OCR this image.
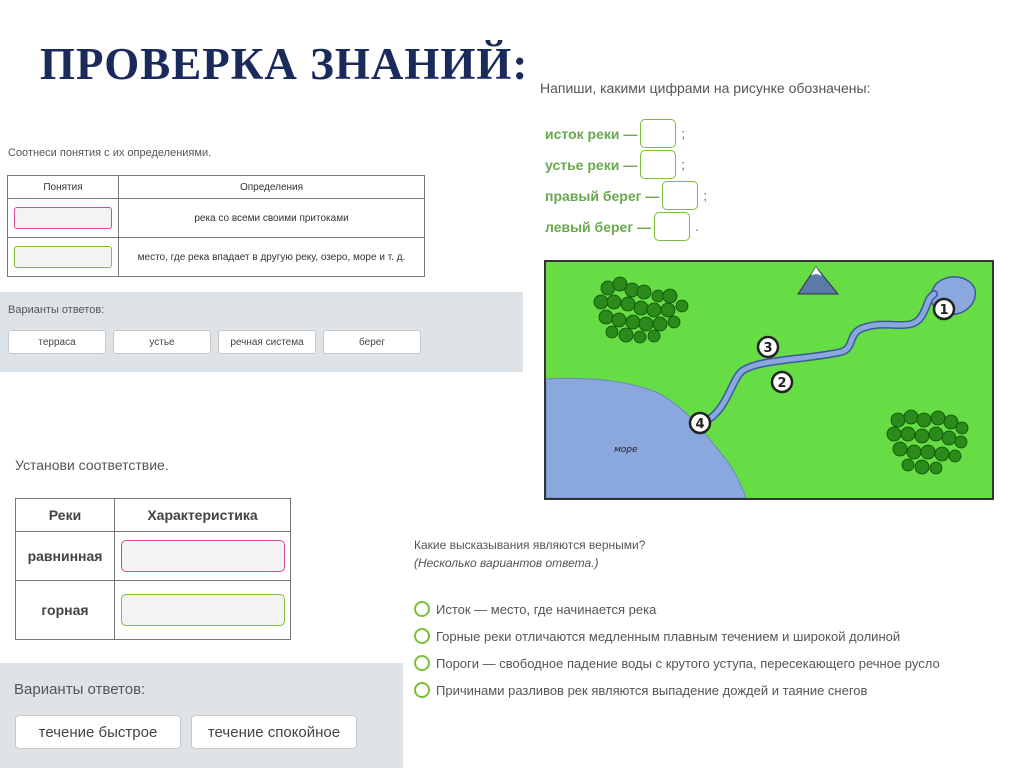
ПРОВЕРКА ЗНАНИЙ:
Соотнеси понятия с их определениями.
Понятия	Определения

	река со всеми своими притоками

	место, где река впадает в другую реку, озеро, море и т. д.
Варианты ответов:
терраса	устье	речная система	берег
Напиши, какими цифрами на рисунке обозначены:
исток реки —	;
устье реки —	;
правый берег —	;
левый берег —	.
1
2
3
4
море
Установи соответствие.
Реки	Характеристика
равнинная	

горная	
Варианты ответов:
течение быстрое	течение спокойное
Какие высказывания являются верными?
(Несколько вариантов ответа.)
Исток — место, где начинается река
Горные реки отличаются медленным плавным течением и широкой долиной
Пороги — свободное падение воды с крутого уступа, пересекающего речное русло
Причинами разливов рек являются выпадение дождей и таяние снегов
